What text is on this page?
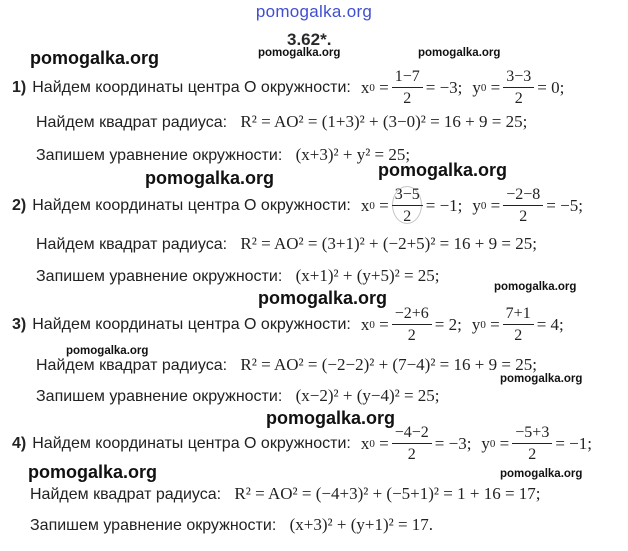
pomogalka.org
3.62*.
pomogalka.org	pomogalka.org	pomogalka.org
pomogalka.org	pomogalka.org
pomogalka.org
pomogalka.org
pomogalka.org
pomogalka.org
pomogalka.org
pomogalka.org	pomogalka.org
1) Найдем координаты центра O окружности: x $0 = \frac{1-7}{2} = -3$; y $0 = \frac{3-3}{2} = 0$;
Найдем квадрат радиуса: R² = AO² = (1+3)² + (3−0)² = 16 + 9 = 25;
Запишем уравнение окружности: (x+3)² + y² = 25;
2) Найдем координаты центра O окружности: x $0 = \frac{3-5}{2} = -1$; y $0 = \frac{-2-8}{2} = -5$;
Найдем квадрат радиуса: R² = AO² = (3+1)² + (−2+5)² = 16 + 9 = 25;
Запишем уравнение окружности: (x+1)² + (y+5)² = 25;
3) Найдем координаты центра O окружности: x $0 = \frac{-2+6}{2} = 2$; y $0 = \frac{7+1}{2} = 4$;
Найдем квадрат радиуса: R² = AO² = (−2−2)² + (7−4)² = 16 + 9 = 25;
Запишем уравнение окружности: (x−2)² + (y−4)² = 25;
4) Найдем координаты центра O окружности: x $0 = \frac{-4-2}{2} = -3$; y $0 = \frac{-5+3}{2} = -1$;
Найдем квадрат радиуса: R² = AO² = (−4+3)² + (−5+1)² = 1 + 16 = 17;
Запишем уравнение окружности: (x+3)² + (y+1)² = 17.
